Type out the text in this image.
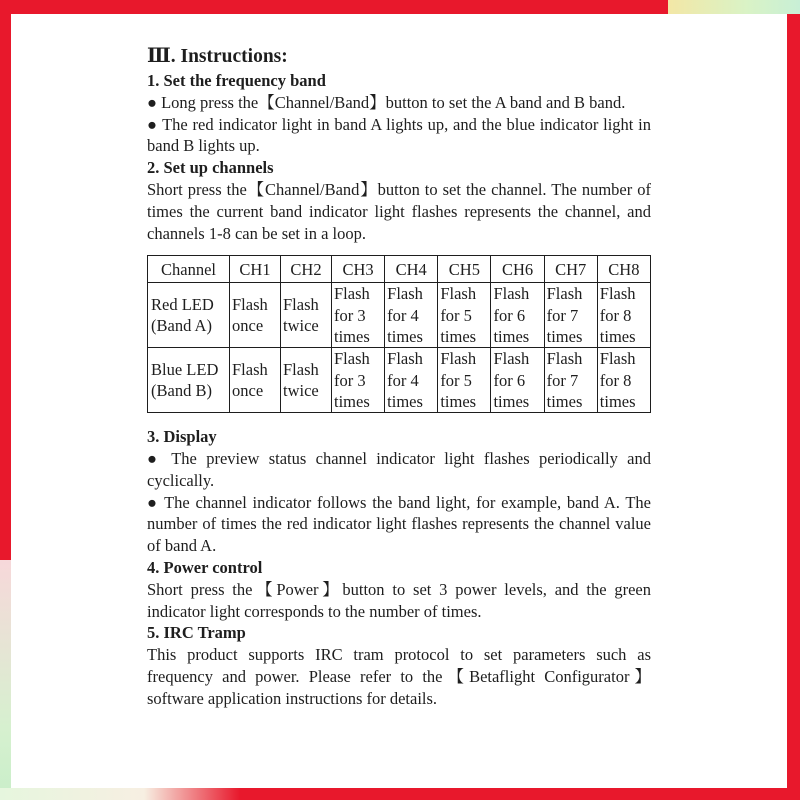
Ⅲ. Instructions:

1. Set the frequency band

● Long press the【Channel/Band】button to set the A band and B band.

● The red indicator light in band A lights up, and the blue indicator light in band B lights up.

2. Set up channels

Short press the【Channel/Band】button to set the channel. The number of times the current band indicator light flashes represents the channel, and channels 1-8 can be set in a loop.

Channel	CH1	CH2	CH3	CH4	CH5	CH6	CH7	CH8
Red LED
(Band A)	Flash once	Flash twice	Flash for 3 times	Flash for 4 times	Flash for 5 times	Flash for 6 times	Flash for 7 times	Flash for 8 times
Blue LED
(Band B)	Flash once	Flash twice	Flash for 3 times	Flash for 4 times	Flash for 5 times	Flash for 6 times	Flash for 7 times	Flash for 8 times

3. Display

● The preview status channel indicator light flashes periodically and cyclically.

● The channel indicator follows the band light, for example, band A. The number of times the red indicator light flashes represents the channel value of band A.

4. Power control

Short press the【Power】button to set 3 power levels, and the green indicator light corresponds to the number of times.

5. IRC Tramp

This product supports IRC tram protocol to set parameters such as frequency and power. Please refer to the【Betaflight Configurator】software application instructions for details.
